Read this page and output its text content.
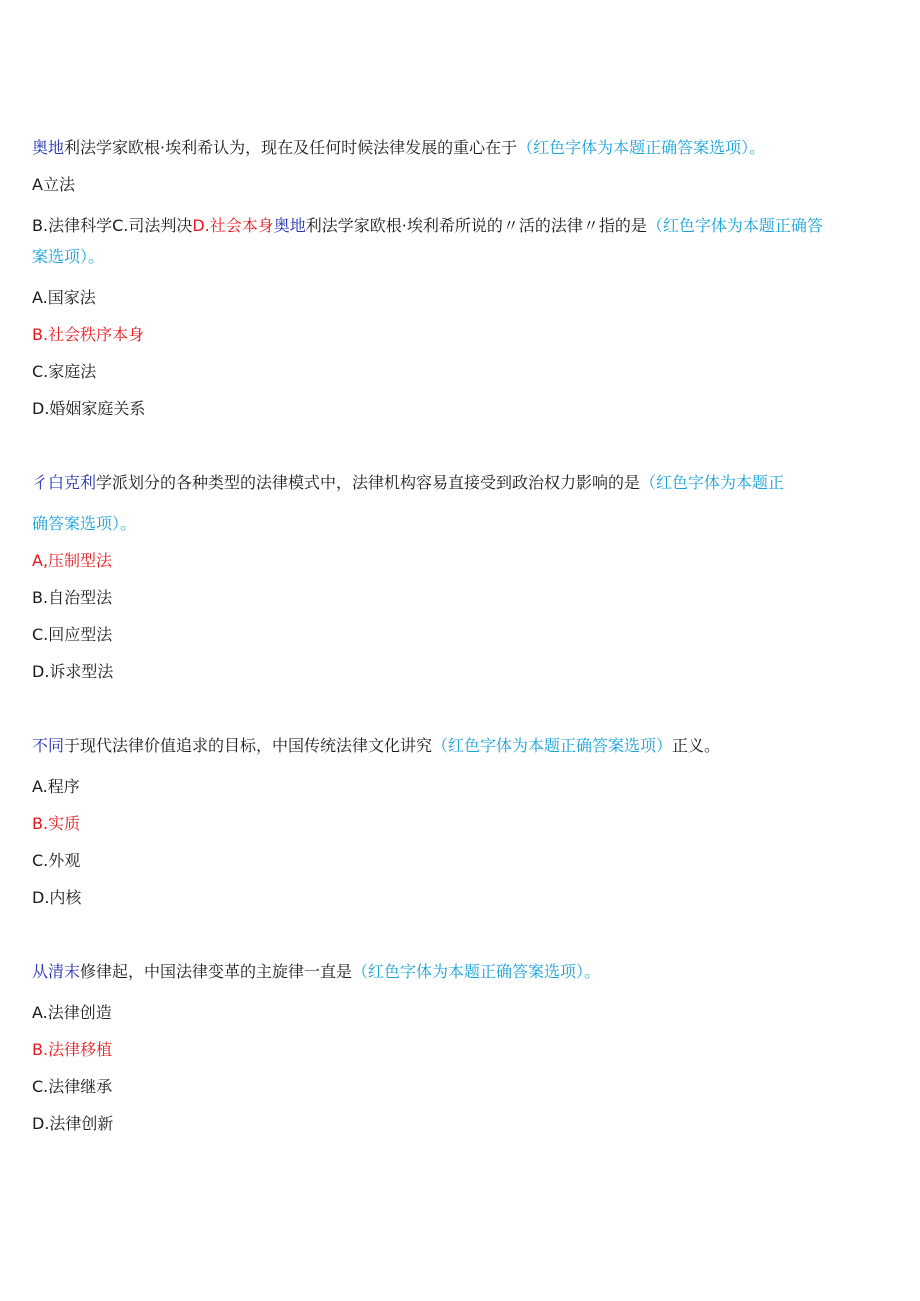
奥地利法学家欧根·埃利希认为，现在及任何时候法律发展的重心在于（红色字体为本题正确答案选项）。
A立法
B.法律科学C.司法判决D.社会本身奥地利法学家欧根·埃利希所说的〃活的法律〃指的是（红色字体为本题正确答
案选项）。
A.国家法
B.社会秩序本身
C.家庭法
D.婚姻家庭关系
彳白克利学派划分的各种类型的法律模式中，法律机构容易直接受到政治权力影响的是（红色字体为本题正
确答案选项）。
A,压制型法
B.自治型法
C.回应型法
D.诉求型法
不同于现代法律价值追求的目标，中国传统法律文化讲究（红色字体为本题正确答案选项）正义。
A.程序
B.实质
C.外观
D.内核
从清末修律起，中国法律变革的主旋律一直是（红色字体为本题正确答案选项）。
A.法律创造
B.法律移植
C.法律继承
D.法律创新
